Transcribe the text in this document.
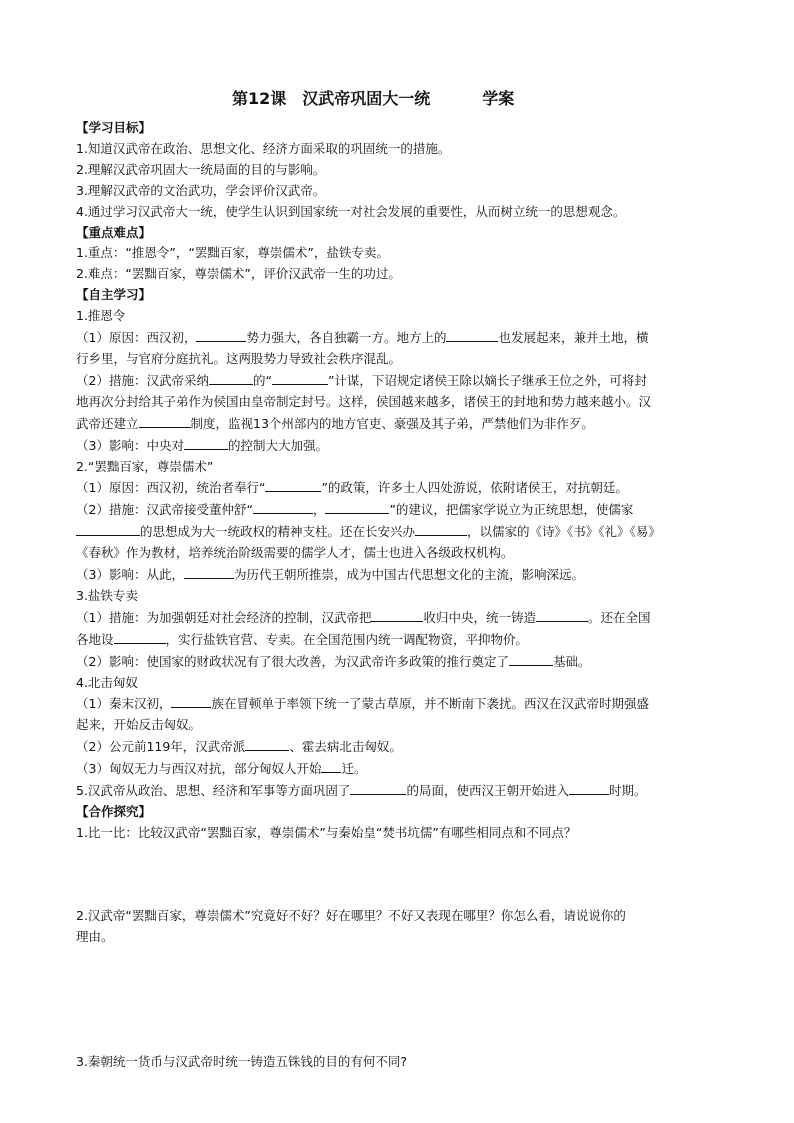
第12课 汉武帝巩固大一统	学案
【学习目标】
1.知道汉武帝在政治、思想文化、经济方面采取的巩固统一的措施。
2.理解汉武帝巩固大一统局面的目的与影响。
3.理解汉武帝的文治武功，学会评价汉武帝。
4.通过学习汉武帝大一统，使学生认识到国家统一对社会发展的重要性，从而树立统一的思想观念。
【重点难点】
1.重点：“推恩令”，“罢黜百家，尊崇儒术”，盐铁专卖。
2.难点：“罢黜百家，尊崇儒术”，评价汉武帝一生的功过。
【自主学习】
1.推恩令
（1）原因：西汉初，	势力强大，各自独霸一方。地方上的	也发展起来，兼并土地，横
行乡里，与官府分庭抗礼。这两股势力导致社会秩序混乱。
（2）措施：汉武帝采纳	的“	”计谋，下诏规定诸侯王除以嫡长子继承王位之外，可将封
地再次分封给其子弟作为侯国由皇帝制定封号。这样，侯国越来越多，诸侯王的封地和势力越来越小。汉
武帝还建立	制度，监视13个州部内的地方官吏、豪强及其子弟，严禁他们为非作歹。
（3）影响：中央对	的控制大大加强。
2.“罢黜百家，尊崇儒术”
（1）原因：西汉初，统治者奉行“	”的政策，许多士人四处游说，依附诸侯王，对抗朝廷。
（2）措施：汉武帝接受董仲舒“	，	”的建议，把儒家学说立为正统思想，使儒家
的思想成为大一统政权的精神支柱。还在长安兴办	，以儒家的《诗》《书》《礼》《易》
《春秋》作为教材，培养统治阶级需要的儒学人才，儒士也进入各级政权机构。
（3）影响：从此，	为历代王朝所推崇，成为中国古代思想文化的主流，影响深远。
3.盐铁专卖
（1）措施：为加强朝廷对社会经济的控制，汉武帝把	收归中央，统一铸造	。还在全国
各地设	，实行盐铁官营、专卖。在全国范围内统一调配物资，平抑物价。
（2）影响：使国家的财政状况有了很大改善，为汉武帝许多政策的推行奠定了	基础。
4.北击匈奴
（1）秦末汉初，	族在冒顿单于率领下统一了蒙古草原，并不断南下袭扰。西汉在汉武帝时期强盛
起来，开始反击匈奴。
（2）公元前119年，汉武帝派	、霍去病北击匈奴。
（3）匈奴无力与西汉对抗，部分匈奴人开始 迁。
5.汉武帝从政治、思想、经济和军事等方面巩固了	的局面，使西汉王朝开始进入	时期。
【合作探究】
1.比一比：比较汉武帝“罢黜百家，尊崇儒术”与秦始皇“焚书坑儒”有哪些相同点和不同点？
2.汉武帝“罢黜百家，尊崇儒术”究竟好不好？好在哪里？不好又表现在哪里？你怎么看，请说说你的
理由。
3.秦朝统一货币与汉武帝时统一铸造五铢钱的目的有何不同?
